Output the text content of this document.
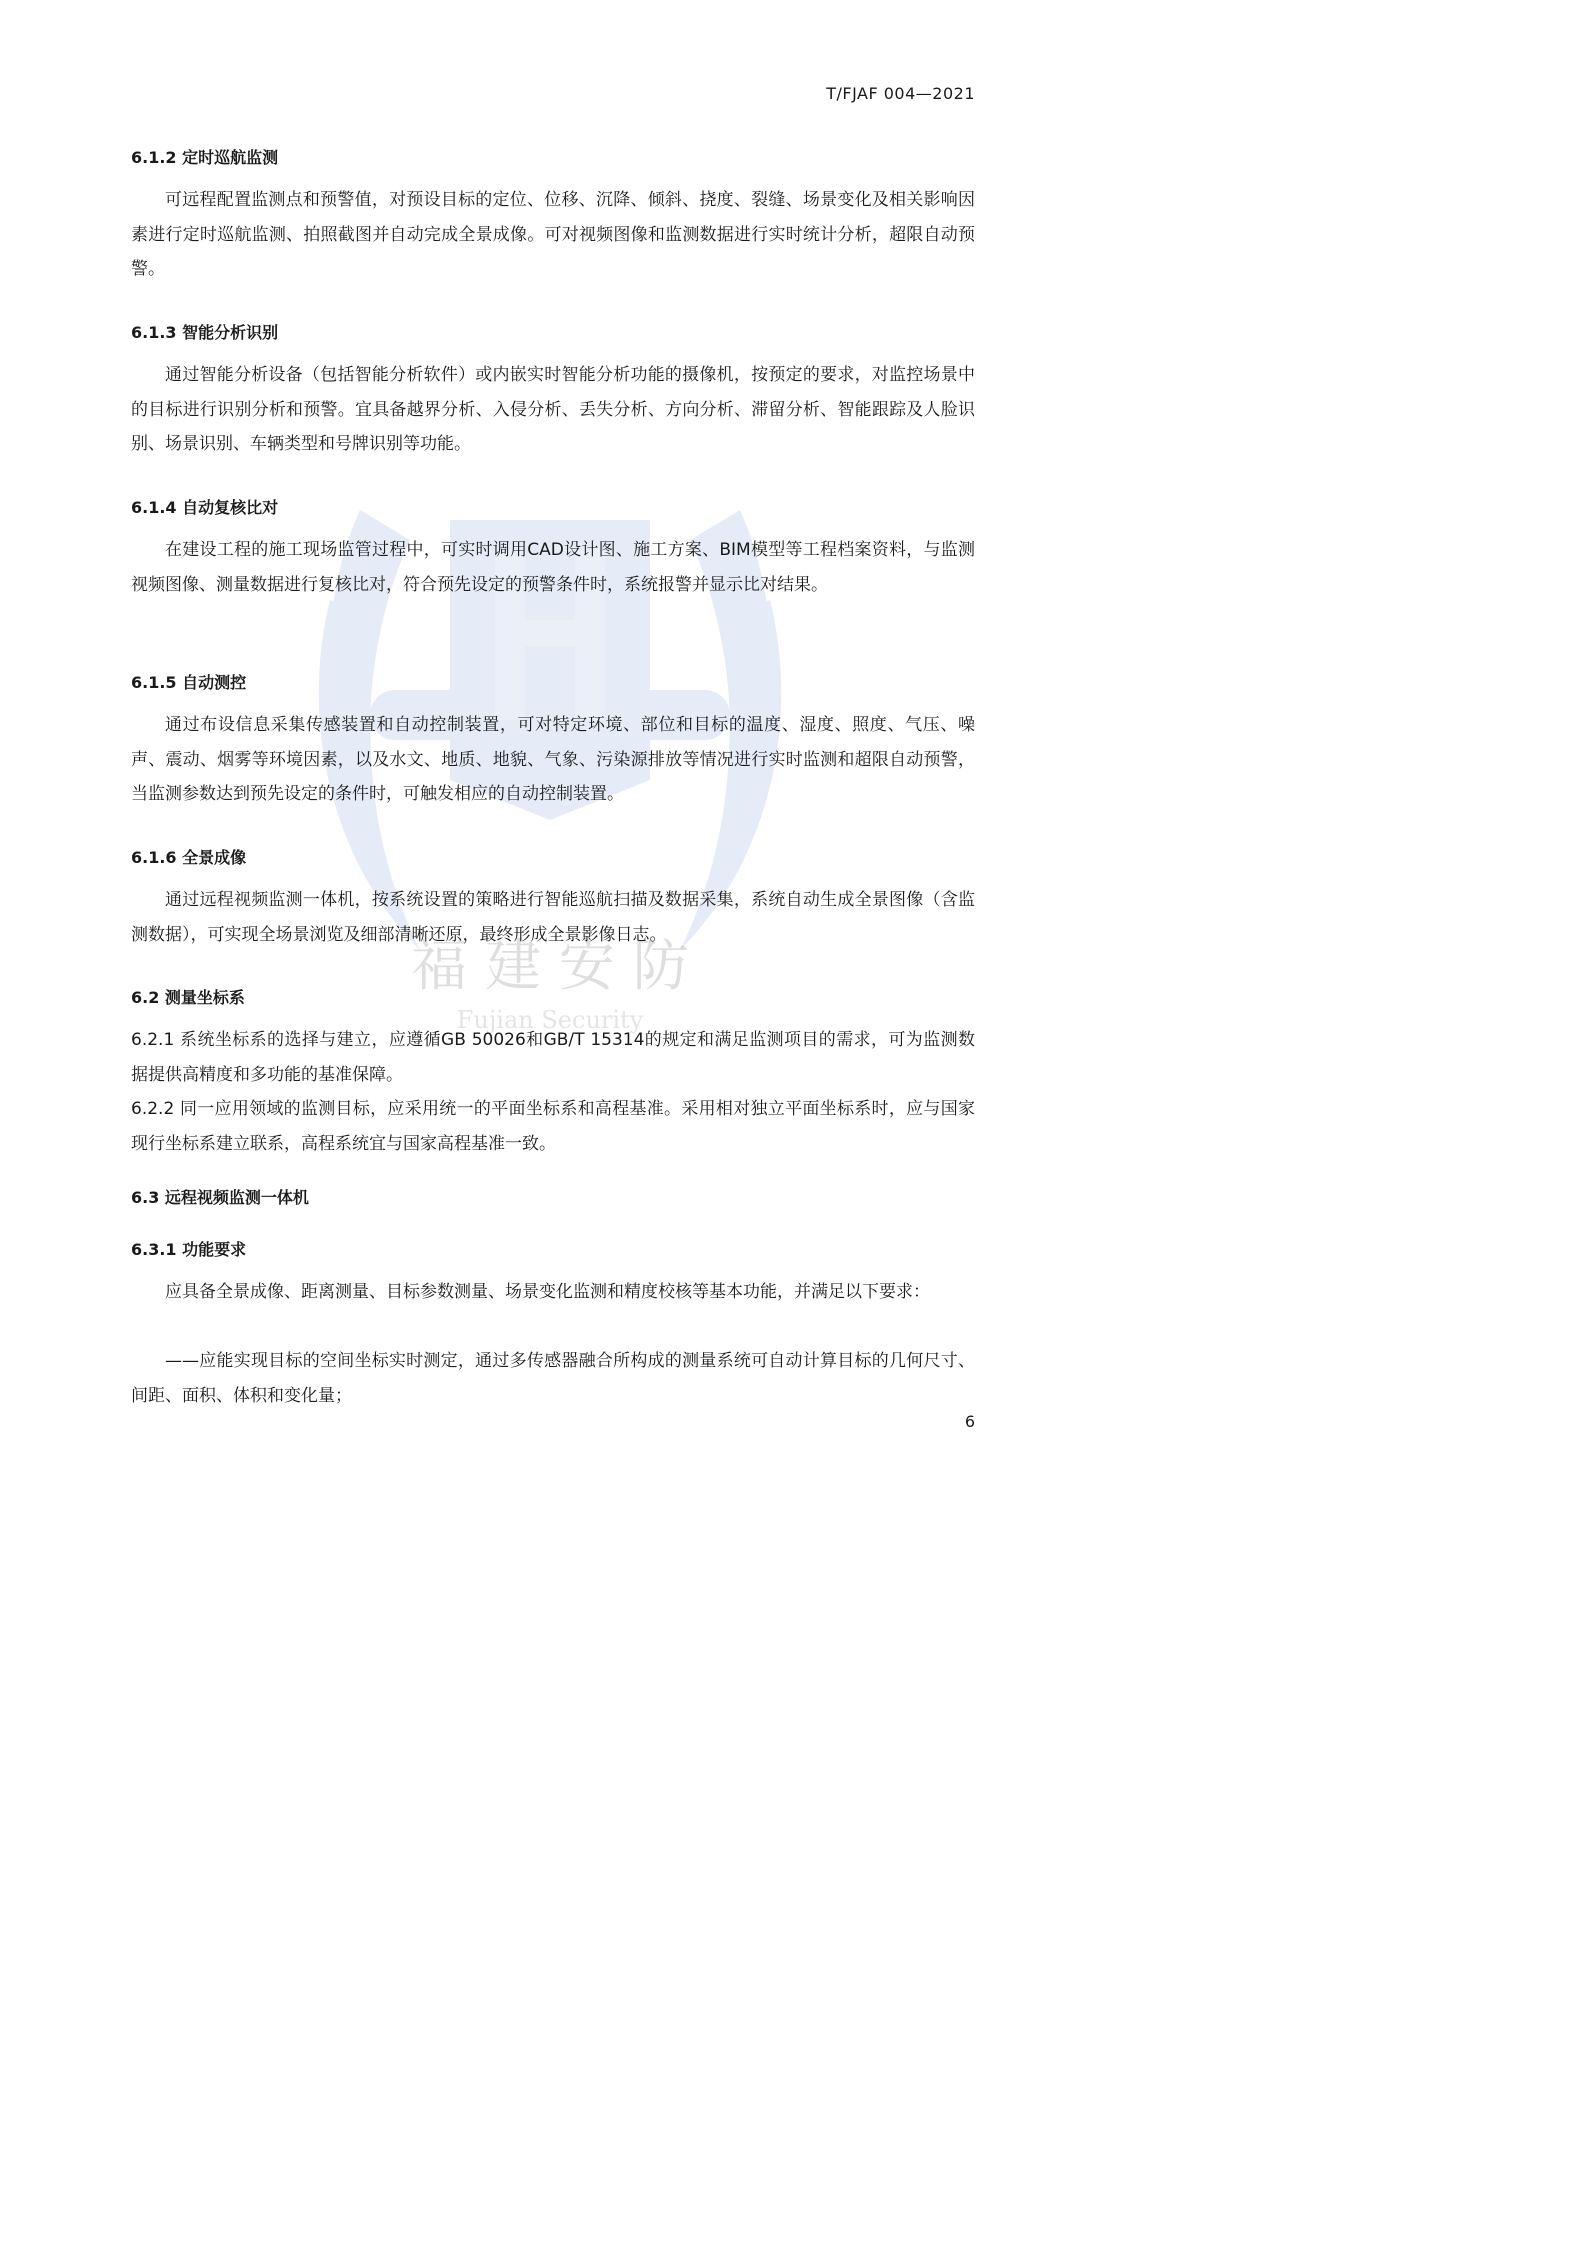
福 建 安 防
Fujian Security
T/FJAF 004—2021
6.1.2 定时巡航监测
可远程配置监测点和预警值，对预设目标的定位、位移、沉降、倾斜、挠度、裂缝、场景变化及相关影响因素进行定时巡航监测、拍照截图并自动完成全景成像。可对视频图像和监测数据进行实时统计分析，超限自动预警。
6.1.3 智能分析识别
通过智能分析设备（包括智能分析软件）或内嵌实时智能分析功能的摄像机，按预定的要求，对监控场景中的目标进行识别分析和预警。宜具备越界分析、入侵分析、丢失分析、方向分析、滞留分析、智能跟踪及人脸识别、场景识别、车辆类型和号牌识别等功能。
6.1.4 自动复核比对
在建设工程的施工现场监管过程中，可实时调用CAD设计图、施工方案、BIM模型等工程档案资料，与监测视频图像、测量数据进行复核比对，符合预先设定的预警条件时，系统报警并显示比对结果。
6.1.5 自动测控
通过布设信息采集传感装置和自动控制装置，可对特定环境、部位和目标的温度、湿度、照度、气压、噪声、震动、烟雾等环境因素，以及水文、地质、地貌、气象、污染源排放等情况进行实时监测和超限自动预警，当监测参数达到预先设定的条件时，可触发相应的自动控制装置。
6.1.6 全景成像
通过远程视频监测一体机，按系统设置的策略进行智能巡航扫描及数据采集，系统自动生成全景图像（含监测数据），可实现全场景浏览及细部清晰还原，最终形成全景影像日志。
6.2 测量坐标系
6.2.1 系统坐标系的选择与建立，应遵循GB 50026和GB/T 15314的规定和满足监测项目的需求，可为监测数据提供高精度和多功能的基准保障。
6.2.2 同一应用领域的监测目标，应采用统一的平面坐标系和高程基准。采用相对独立平面坐标系时，应与国家现行坐标系建立联系，高程系统宜与国家高程基准一致。
6.3 远程视频监测一体机
6.3.1 功能要求
应具备全景成像、距离测量、目标参数测量、场景变化监测和精度校核等基本功能，并满足以下要求：
——应能实现目标的空间坐标实时测定，通过多传感器融合所构成的测量系统可自动计算目标的几何尺寸、间距、面积、体积和变化量；
6
